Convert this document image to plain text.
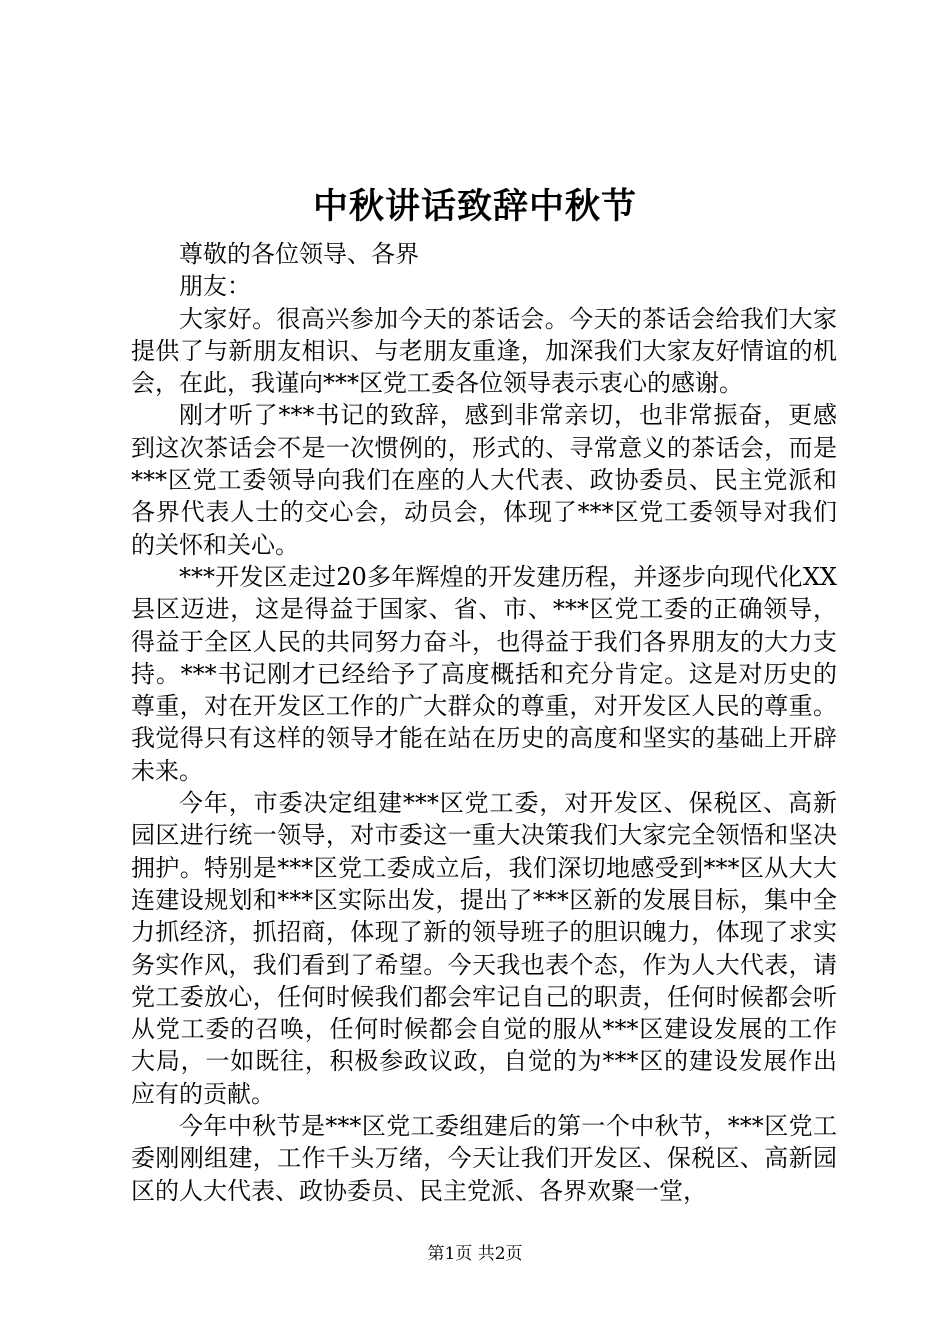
中秋讲话致辞中秋节

尊敬的各位领导、各界

朋友：

大家好。很高兴参加今天的茶话会。今天的茶话会给我们大家提供了与新朋友相识、与老朋友重逢，加深我们大家友好情谊的机会，在此，我谨向***区党工委各位领导表示衷心的感谢。

刚才听了***书记的致辞，感到非常亲切，也非常振奋，更感到这次茶话会不是一次惯例的，形式的、寻常意义的茶话会，而是***区党工委领导向我们在座的人大代表、政协委员、民主党派和各界代表人士的交心会，动员会，体现了***区党工委领导对我们的关怀和关心。

***开发区走过20多年辉煌的开发建历程，并逐步向现代化XX县区迈进，这是得益于国家、省、市、***区党工委的正确领导，得益于全区人民的共同努力奋斗，也得益于我们各界朋友的大力支持。***书记刚才已经给予了高度概括和充分肯定。这是对历史的尊重，对在开发区工作的广大群众的尊重，对开发区人民的尊重。我觉得只有这样的领导才能在站在历史的高度和坚实的基础上开辟未来。

今年，市委决定组建***区党工委，对开发区、保税区、高新园区进行统一领导，对市委这一重大决策我们大家完全领悟和坚决拥护。特别是***区党工委成立后，我们深切地感受到***区从大大连建设规划和***区实际出发，提出了***区新的发展目标，集中全力抓经济，抓招商，体现了新的领导班子的胆识魄力，体现了求实务实作风，我们看到了希望。今天我也表个态，作为人大代表，请党工委放心，任何时候我们都会牢记自己的职责，任何时候都会听从党工委的召唤，任何时候都会自觉的服从***区建设发展的工作大局，一如既往，积极参政议政，自觉的为***区的建设发展作出应有的贡献。

今年中秋节是***区党工委组建后的第一个中秋节，***区党工委刚刚组建，工作千头万绪，今天让我们开发区、保税区、高新园区的人大代表、政协委员、民主党派、各界欢聚一堂，

第1页 共2页
